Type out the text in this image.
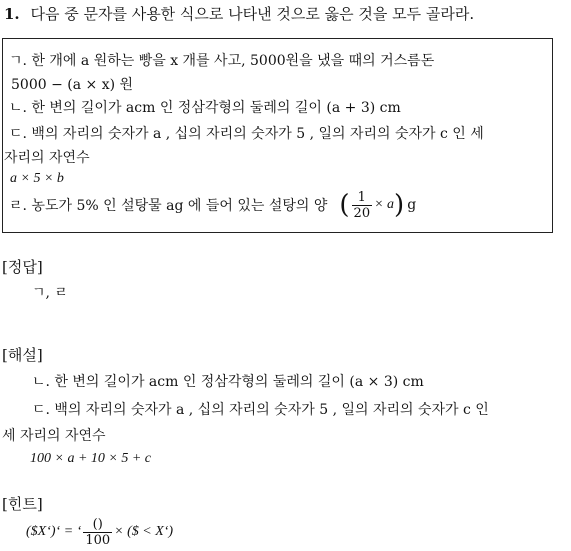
1. 다음 중 문자를 사용한 식으로 나타낸 것으로 옳은 것을 모두 골라라.
ㄱ. 한 개에 a 원하는 빵을 x 개를 사고, 5000원을 냈을 때의 거스름돈
5000 − (a × x) 원
ㄴ. 한 변의 길이가 acm 인 정삼각형의 둘레의 길이 (a + 3) cm
ㄷ. 백의 자리의 숫자가 a , 십의 자리의 숫자가 5 , 일의 자리의 숫자가 c 인 세
자리의 자연수
a × 5 × b
ㄹ. 농도가 5% 인 설탕물 ag 에 들어 있는 설탕의 양 ( $\frac{1}{20} \times a$ ) g
[정답]
ㄱ, ㄹ
[해설]
ㄴ. 한 변의 길이가 acm 인 정삼각형의 둘레의 길이 (a × 3) cm
ㄷ. 백의 자리의 숫자가 a , 십의 자리의 숫자가 5 , 일의 자리의 숫자가 c 인
세 자리의 자연수
100 × a + 10 × 5 + c
[힌트]
($X‘)‘ = ‘ $\frac{()}{100}$ × ($ < X‘)
